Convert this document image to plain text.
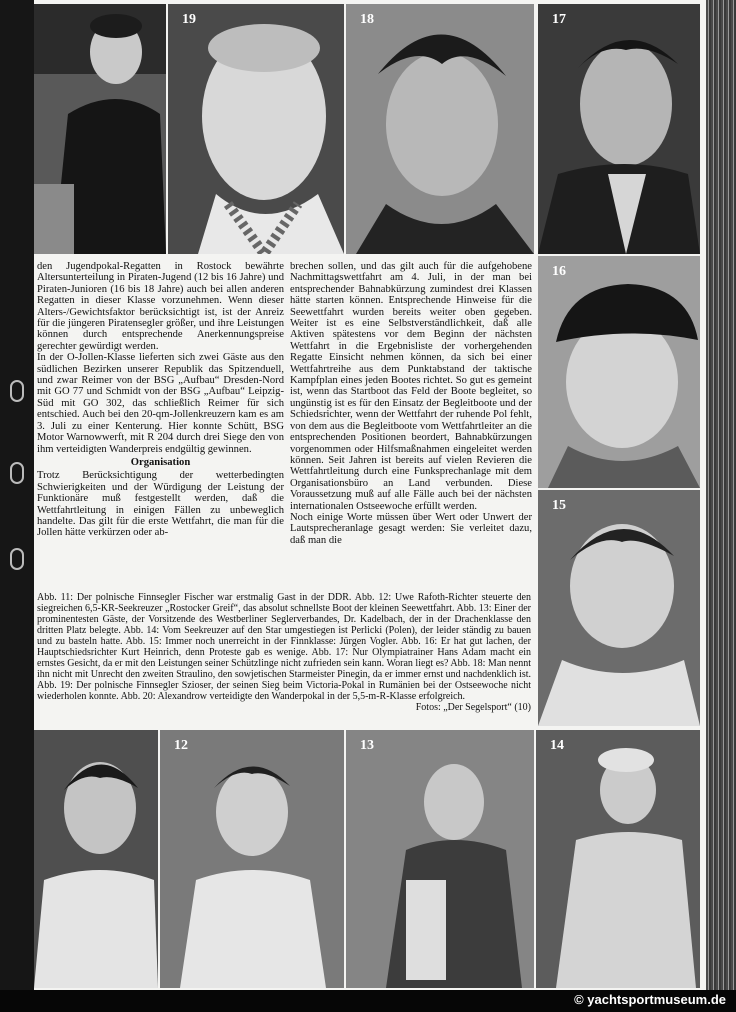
19	18	17
16
15
12	13	14

den Jugendpokal-Regatten in Rostock bewährte Altersunterteilung in Piraten-Jugend (12 bis 16 Jahre) und Piraten-Junioren (16 bis 18 Jahre) auch bei allen anderen Regatten in dieser Klasse vorzunehmen. Wenn dieser Alters-/Gewichtsfaktor berücksichtigt ist, ist der Anreiz für die jüngeren Piratensegler größer, und ihre Leistungen können durch entsprechende Anerkennungspreise gerechter gewürdigt werden.

In der O-Jollen-Klasse lieferten sich zwei Gäste aus den südlichen Bezirken unserer Republik das Spitzenduell, und zwar Reimer von der BSG „Aufbau“ Dresden-Nord mit GO 77 und Schmidt von der BSG „Aufbau“ Leipzig-Süd mit GO 302, das schließlich Reimer für sich entschied. Auch bei den 20-qm-Jollenkreuzern kam es am 3. Juli zu einer Kenterung. Hier konnte Schütt, BSG Motor Warnowwerft, mit R 204 durch drei Siege den von ihm verteidigten Wanderpreis endgültig gewinnen.

Organisation

Trotz Berücksichtigung der wetterbedingten Schwierigkeiten und der Würdigung der Leistung der Funktionäre muß festgestellt werden, daß die Wettfahrtleitung in einigen Fällen zu unbeweglich handelte. Das gilt für die erste Wettfahrt, die man für die Jollen hätte verkürzen oder ab-

brechen sollen, und das gilt auch für die aufgehobene Nachmittagswettfahrt am 4. Juli, in der man bei entsprechender Bahnabkürzung zumindest drei Klassen hätte starten können. Entsprechende Hinweise für die Seewettfahrt wurden bereits weiter oben gegeben. Weiter ist es eine Selbstverständlichkeit, daß alle Aktiven spätestens vor dem Beginn der nächsten Wettfahrt in die Ergebnisliste der vorhergehenden Regatte Einsicht nehmen können, da sich bei einer Wettfahrtreihe aus dem Punktabstand der taktische Kampfplan eines jeden Bootes richtet. So gut es gemeint ist, wenn das Startboot das Feld der Boote begleitet, so ungünstig ist es für den Einsatz der Begleitboote und der Schiedsrichter, wenn der Wettfahrt der ruhende Pol fehlt, von dem aus die Begleitboote vom Wettfahrtleiter an die entsprechenden Positionen beordert, Bahnabkürzungen vorgenommen oder Hilfsmaßnahmen eingeleitet werden können. Seit Jahren ist bereits auf vielen Revieren die Wettfahrtleitung durch eine Funksprechanlage mit dem Organisationsbüro an Land verbunden. Diese Voraussetzung muß auf alle Fälle auch bei der nächsten internationalen Ostseewoche erfüllt werden.

Noch einige Worte müssen über Wert oder Unwert der Lautsprecheranlage gesagt werden: Sie verleitet dazu, daß man die

Abb. 11: Der polnische Finnsegler Fischer war erstmalig Gast in der DDR. Abb. 12: Uwe Rafoth-Richter steuerte den siegreichen 6,5-KR-Seekreuzer „Rostocker Greif“, das absolut schnellste Boot der kleinen Seewettfahrt. Abb. 13: Einer der prominentesten Gäste, der Vorsitzende des Westberliner Seglerverbandes, Dr. Kadelbach, der in der Drachenklasse den dritten Platz belegte. Abb. 14: Vom Seekreuzer auf den Star umgestiegen ist Perlicki (Polen), der leider ständig zu bauen und zu basteln hatte. Abb. 15: Immer noch unerreicht in der Finnklasse: Jürgen Vogler. Abb. 16: Er hat gut lachen, der Hauptschiedsrichter Kurt Heinrich, denn Proteste gab es wenige. Abb. 17: Nur Olympiatrainer Hans Adam macht ein ernstes Gesicht, da er mit den Leistungen seiner Schützlinge nicht zufrieden sein kann. Woran liegt es? Abb. 18: Man nennt ihn nicht mit Unrecht den zweiten Straulino, den sowjetischen Starmeister Pinegin, da er immer ernst und nachdenklich ist. Abb. 19: Der polnische Finnsegler Szioser, der seinen Sieg beim Victoria-Pokal in Rumänien bei der Ostseewoche nicht wiederholen konnte. Abb. 20: Alexandrow verteidigte den Wanderpokal in der 5,5-m-R-Klasse erfolgreich.
Fotos: „Der Segelsport“ (10)
© yachtsportmuseum.de
